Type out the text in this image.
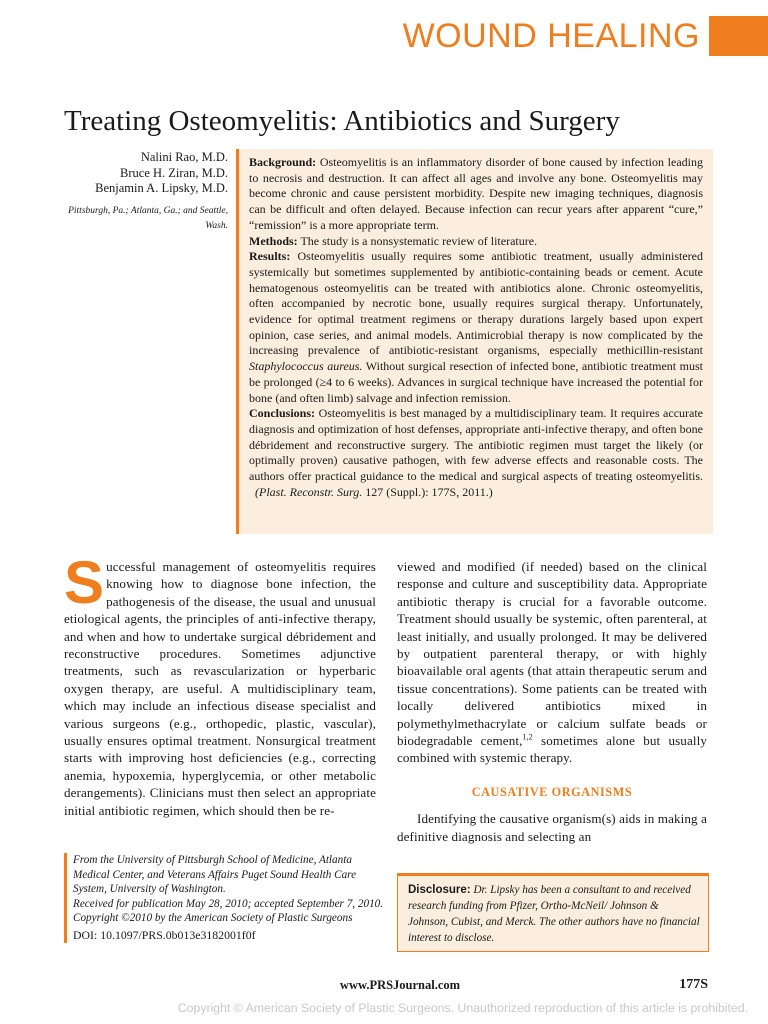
WOUND HEALING
Treating Osteomyelitis: Antibiotics and Surgery
Nalini Rao, M.D.
Bruce H. Ziran, M.D.
Benjamin A. Lipsky, M.D.
Pittsburgh, Pa.; Atlanta, Ga.; and Seattle, Wash.

Background: Osteomyelitis is an inflammatory disorder of bone caused by infection leading to necrosis and destruction. It can affect all ages and involve any bone. Osteomyelitis may become chronic and cause persistent morbidity. Despite new imaging techniques, diagnosis can be difficult and often delayed. Because infection can recur years after apparent “cure,” “remission” is a more appropriate term.

Methods: The study is a nonsystematic review of literature.

Results: Osteomyelitis usually requires some antibiotic treatment, usually administered systemically but sometimes supplemented by antibiotic-containing beads or cement. Acute hematogenous osteomyelitis can be treated with antibiotics alone. Chronic osteomyelitis, often accompanied by necrotic bone, usually requires surgical therapy. Unfortunately, evidence for optimal treatment regimens or therapy durations largely based upon expert opinion, case series, and animal models. Antimicrobial therapy is now complicated by the increasing prevalence of antibiotic-resistant organisms, especially methicillin-resistant Staphylococcus aureus. Without surgical resection of infected bone, antibiotic treatment must be prolonged (≥4 to 6 weeks). Advances in surgical technique have increased the potential for bone (and often limb) salvage and infection remission.

Conclusions: Osteomyelitis is best managed by a multidisciplinary team. It requires accurate diagnosis and optimization of host defenses, appropriate anti-infective therapy, and often bone débridement and reconstructive surgery. The antibiotic regimen must target the likely (or optimally proven) causative pathogen, with few adverse effects and reasonable costs. The authors offer practical guidance to the medical and surgical aspects of treating osteomyelitis.   (Plast. Reconstr. Surg. 127 (Suppl.): 177S, 2011.)

Successful management of osteomyelitis requires knowing how to diagnose bone infection, the pathogenesis of the disease, the usual and unusual etiological agents, the principles of anti-infective therapy, and when and how to undertake surgical débridement and reconstructive procedures. Sometimes adjunctive treatments, such as revascularization or hyperbaric oxygen therapy, are useful. A multidisciplinary team, which may include an infectious disease specialist and various surgeons (e.g., orthopedic, plastic, vascular), usually ensures optimal treatment. Nonsurgical treatment starts with improving host deficiencies (e.g., correcting anemia, hypoxemia, hyperglycemia, or other metabolic derangements). Clinicians must then select an appropriate initial antibiotic regimen, which should then be re-

viewed and modified (if needed) based on the clinical response and culture and susceptibility data. Appropriate antibiotic therapy is crucial for a favorable outcome. Treatment should usually be systemic, often parenteral, at least initially, and usually prolonged. It may be delivered by outpatient parenteral therapy, or with highly bioavailable oral agents (that attain therapeutic serum and tissue concentrations). Some patients can be treated with locally delivered antibiotics mixed in polymethylmethacrylate or calcium sulfate beads or biodegradable cement,$^{1,2}$ sometimes alone but usually combined with systemic therapy.

CAUSATIVE ORGANISMS

Identifying the causative organism(s) aids in making a definitive diagnosis and selecting an

From the University of Pittsburgh School of Medicine, Atlanta Medical Center, and Veterans Affairs Puget Sound Health Care System, University of Washington.

Received for publication May 28, 2010; accepted September 7, 2010.

Copyright ©2010 by the American Society of Plastic Surgeons

DOI: 10.1097/PRS.0b013e3182001f0f
Disclosure: Dr. Lipsky has been a consultant to and received research funding from Pfizer, Ortho-McNeil/ Johnson & Johnson, Cubist, and Merck. The other authors have no financial interest to disclose.
www.PRSJournal.com	177S
Copyright © American Society of Plastic Surgeons. Unauthorized reproduction of this article is prohibited.
